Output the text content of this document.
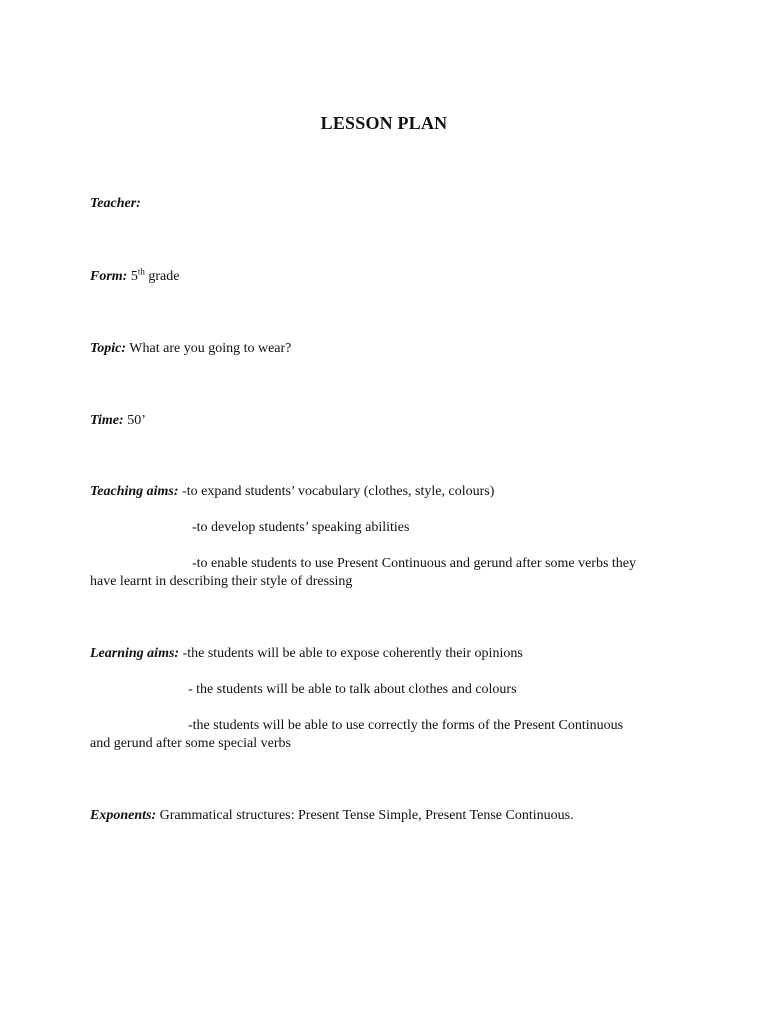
LESSON PLAN
Teacher:
Form: 5th grade
Topic: What are you going to wear?
Time: 50’
Teaching aims: -to expand students’ vocabulary (clothes, style, colours)
-to develop students’ speaking abilities
-to enable students to use Present Continuous and gerund after some verbs they
have learnt in describing their style of dressing
Learning aims: -the students will be able to expose coherently their opinions
- the students will be able to talk about clothes and colours
-the students will be able to use correctly the forms of the Present Continuous
and gerund after some special verbs
Exponents: Grammatical structures: Present Tense Simple, Present Tense Continuous.
